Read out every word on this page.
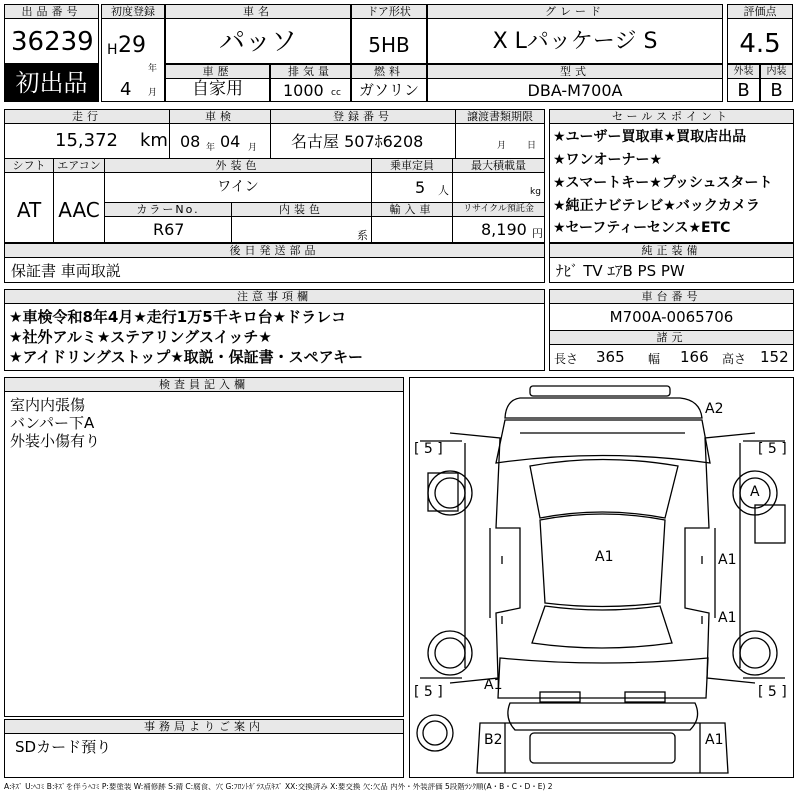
出品番号
36239
初出品
初度登録
H 29
年
4 月
車名
パッソ
ドア形状
5HB
グレード
X Lパッケージ S
評価点
4.5
車歴
自家用
排気量
1000 cc
燃料
ガソリン
型式
DBA-M700A
外装
B
内装
B
走行
15,372 km
車検
08 年 04 月
登録番号
名古屋 507ﾎ6208
譲渡書類期限
月 日
シフト
AT
エアコン
AAC
外装色
ワイン
乗車定員
5 人
最大積載量
kg
カラーNo.
R67
内装色
系
輸入車	リサイクル預託金
8,190 円
後日発送部品
保証書 車両取説
セールスポイント
★ユーザー買取車★買取店出品
★ワンオーナー★
★スマートキー★プッシュスタート
★純正ナビテレビ★バックカメラ
★セーフティーセンス★ETC
純正装備
ﾅﾋﾞ TV ｴｱB PS PW
注意事項欄
★車検令和8年4月★走行1万5千キロ台★ドラレコ
★社外アルミ★ステアリングスイッチ★
★アイドリングストップ★取説・保証書・スペアキー
車台番号
M700A-0065706
諸元
長さ 365 幅 166 高さ 152
検査員記入欄
室内内張傷
バンパー下A
外装小傷有り
事務局よりご案内
SDカード預り
[ 5 ]	[ 5 ]
[ 5 ]	[ 5 ]
A2
A
A1	A1
A1
A1
B2	A1
A:ｷｽﾞ U:ﾍｺﾐ B:ｷｽﾞを伴うﾍｺﾐ P:要塗装 W:補修跡 S:錆 C:腐食、穴 G:ﾌﾛﾝﾄｶﾞﾗｽ点ｷｽﾞ XX:交換済み X:要交換 欠:欠品 内外・外装評価 5段階ﾗﾝｸ順(A・B・C・D・E) 2
